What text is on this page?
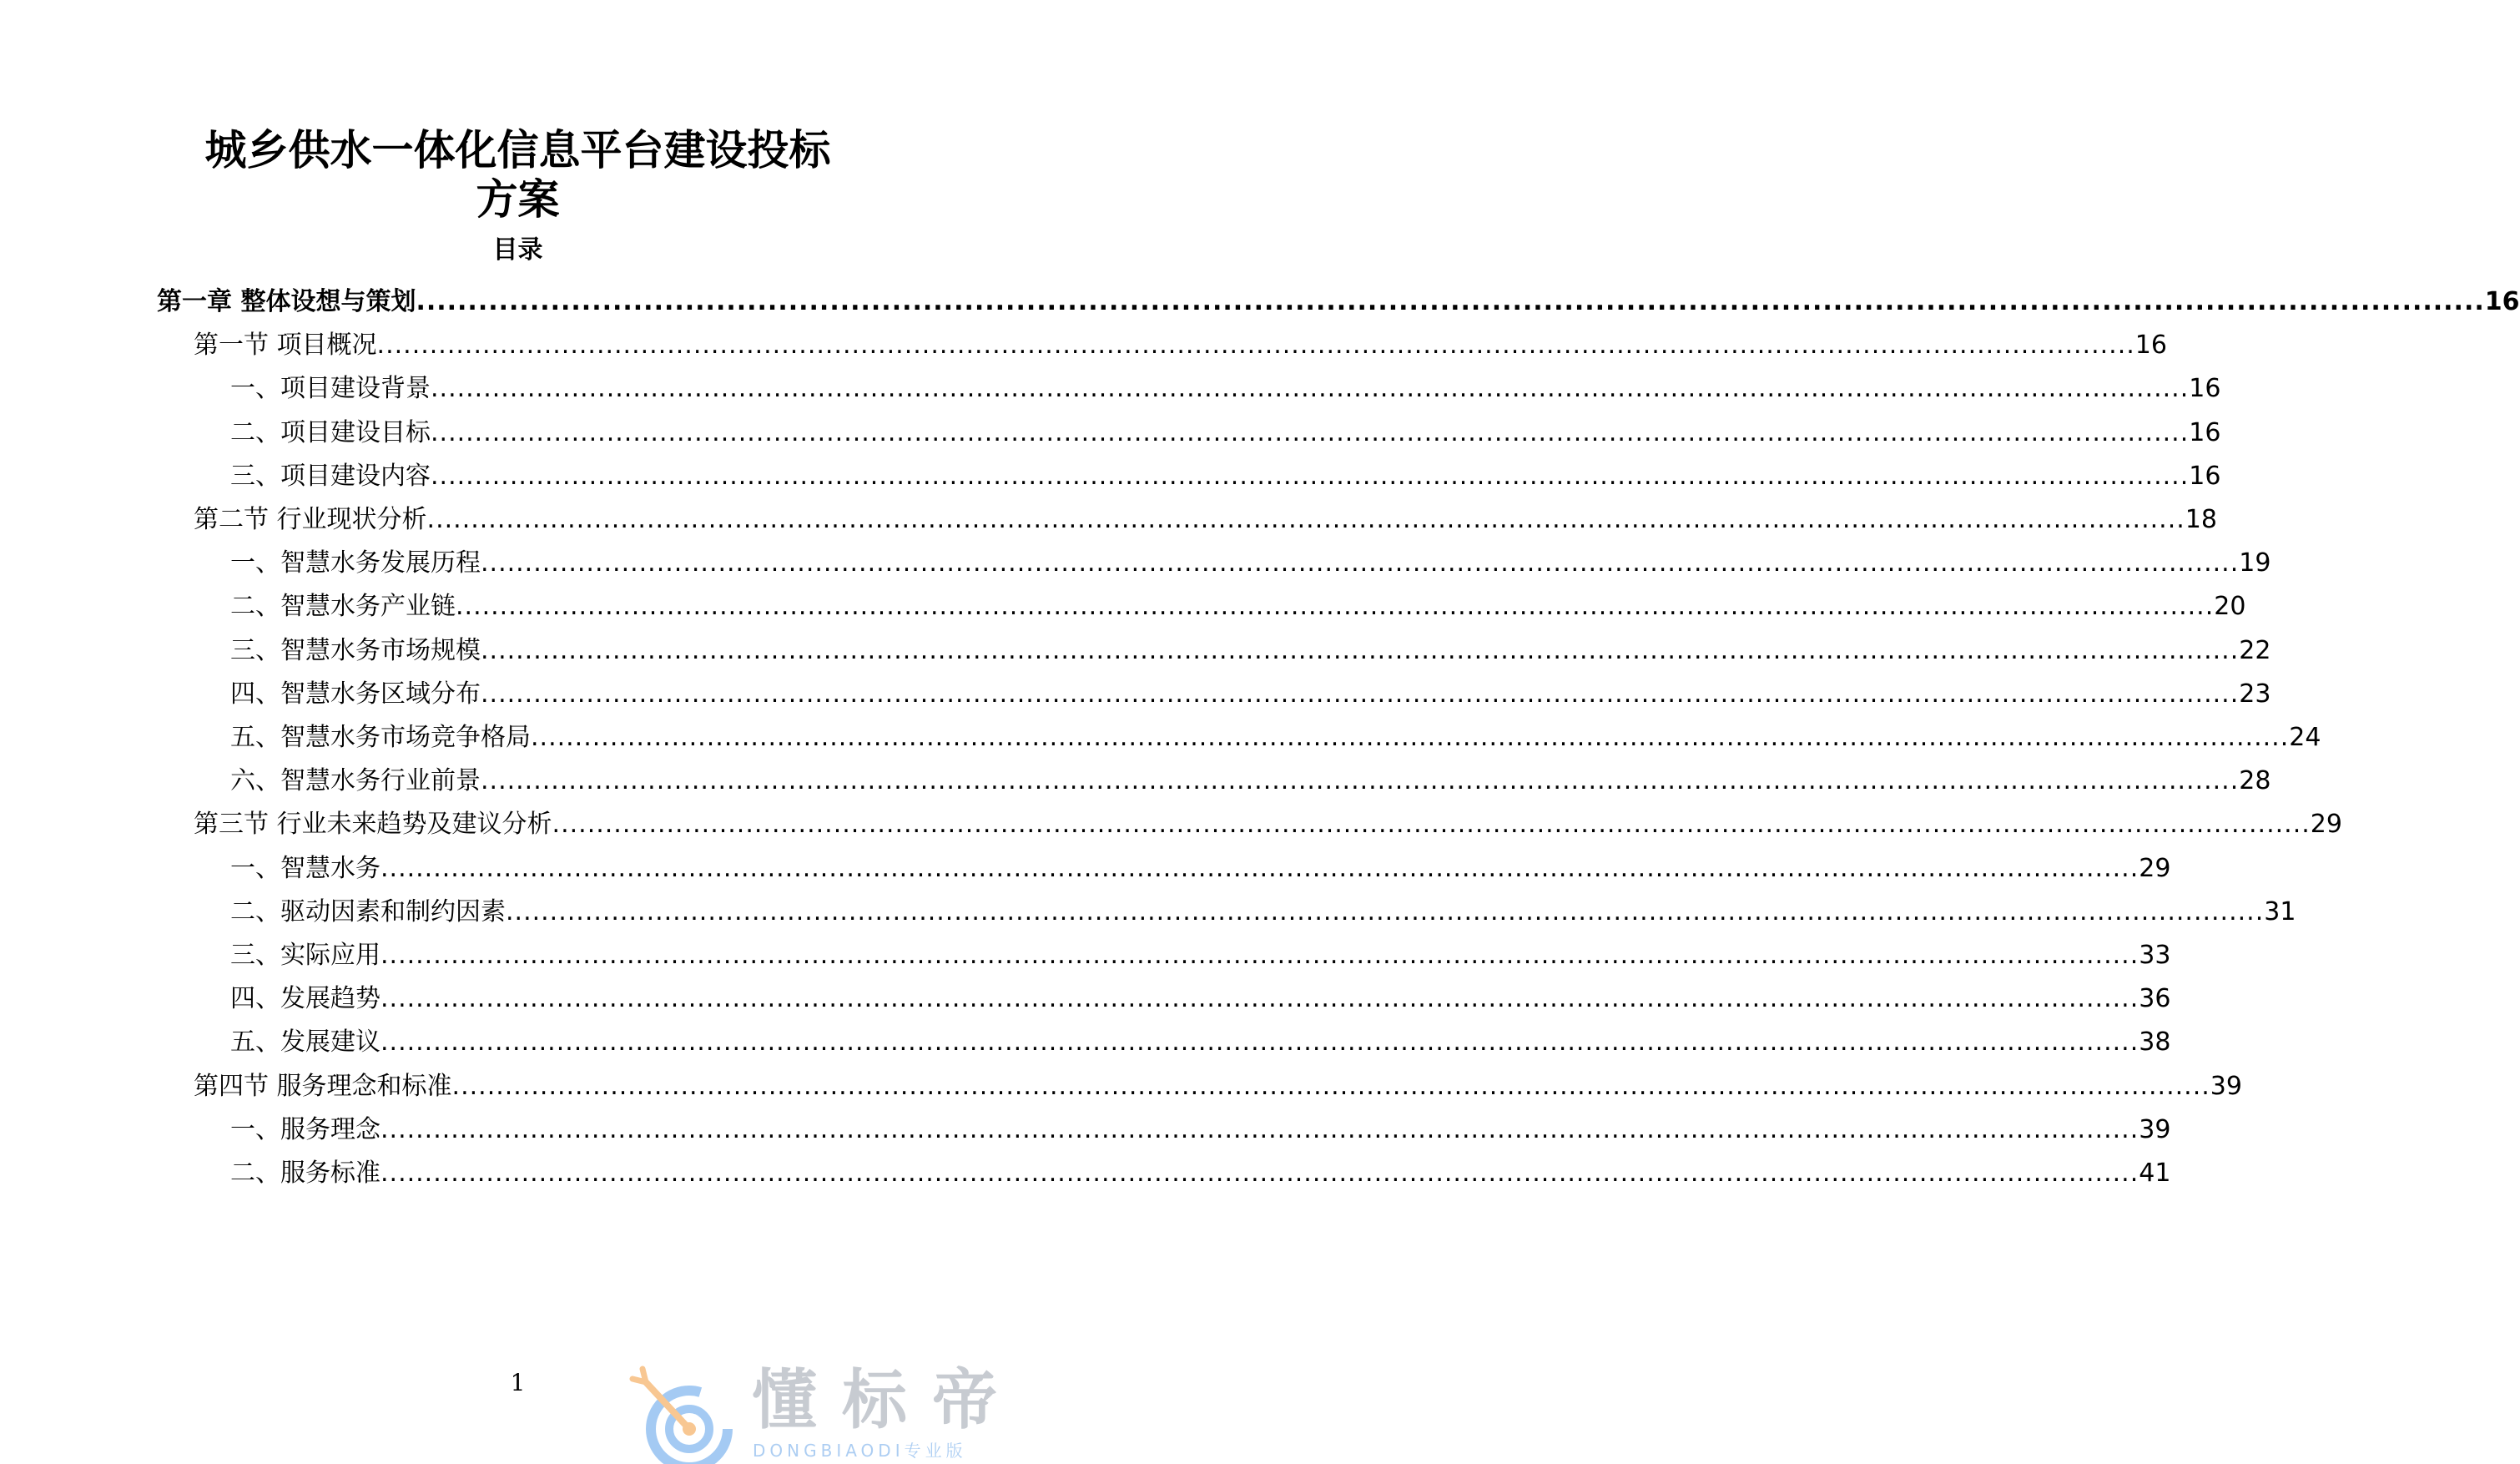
城乡供水一体化信息平台建设投标
方案
目录
第一章 整体设想与策划 ........................................................................................................................................................................................................ 16
第一节 项目概况 ........................................................................................................................................................................................................ 16
一、项目建设背景 ........................................................................................................................................................................................................ 16
二、项目建设目标 ........................................................................................................................................................................................................ 16
三、项目建设内容 ........................................................................................................................................................................................................ 16
第二节 行业现状分析 ........................................................................................................................................................................................................ 18
一、智慧水务发展历程 ........................................................................................................................................................................................................ 19
二、智慧水务产业链 ........................................................................................................................................................................................................ 20
三、智慧水务市场规模 ........................................................................................................................................................................................................ 22
四、智慧水务区域分布 ........................................................................................................................................................................................................ 23
五、智慧水务市场竞争格局 ........................................................................................................................................................................................................ 24
六、智慧水务行业前景 ........................................................................................................................................................................................................ 28
第三节 行业未来趋势及建议分析 ........................................................................................................................................................................................................ 29
一、智慧水务 ........................................................................................................................................................................................................ 29
二、驱动因素和制约因素 ........................................................................................................................................................................................................ 31
三、实际应用 ........................................................................................................................................................................................................ 33
四、发展趋势 ........................................................................................................................................................................................................ 36
五、发展建议 ........................................................................................................................................................................................................ 38
第四节 服务理念和标准 ........................................................................................................................................................................................................ 39
一、服务理念 ........................................................................................................................................................................................................ 39
二、服务标准 ........................................................................................................................................................................................................ 41
1	懂标帝
DONGBIAODI专业版
